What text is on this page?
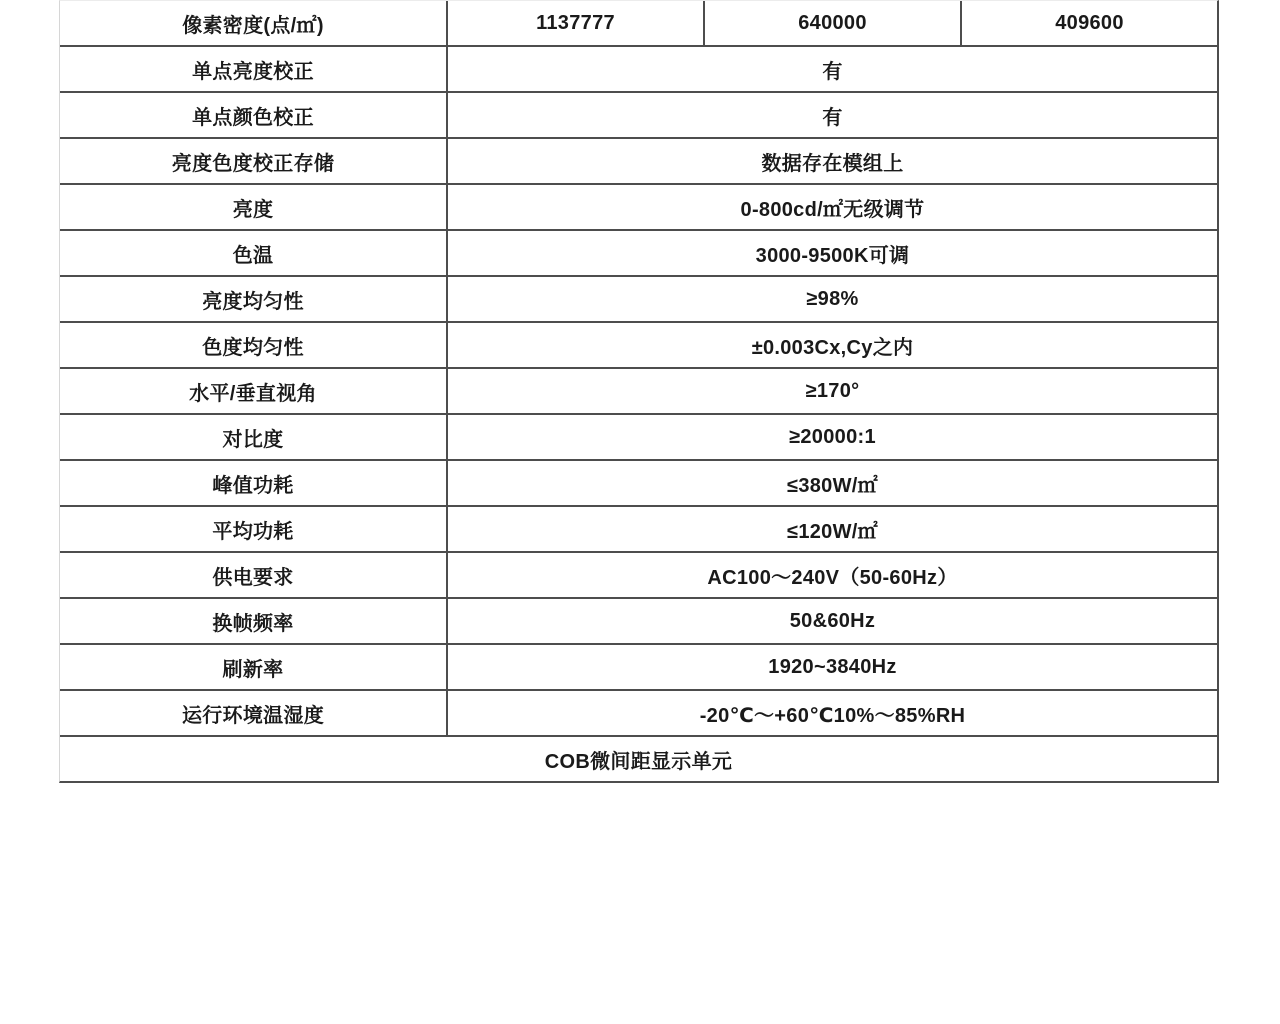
像素密度(点/㎡)	1137777	640000	409600
单点亮度校正	有
单点颜色校正	有
亮度色度校正存储	数据存在模组上
亮度	0-800cd/㎡无级调节
色温	3000-9500K可调
亮度均匀性	≥98%
色度均匀性	±0.003Cx,Cy之内
水平/垂直视角	≥170°
对比度	≥20000:1
峰值功耗	≤380W/㎡
平均功耗	≤120W/㎡
供电要求	AC100～240V（50-60Hz）
换帧频率	50&60Hz
刷新率	1920~3840Hz
运行环境温湿度	-20℃～+60℃10%～85%RH
COB微间距显示单元
